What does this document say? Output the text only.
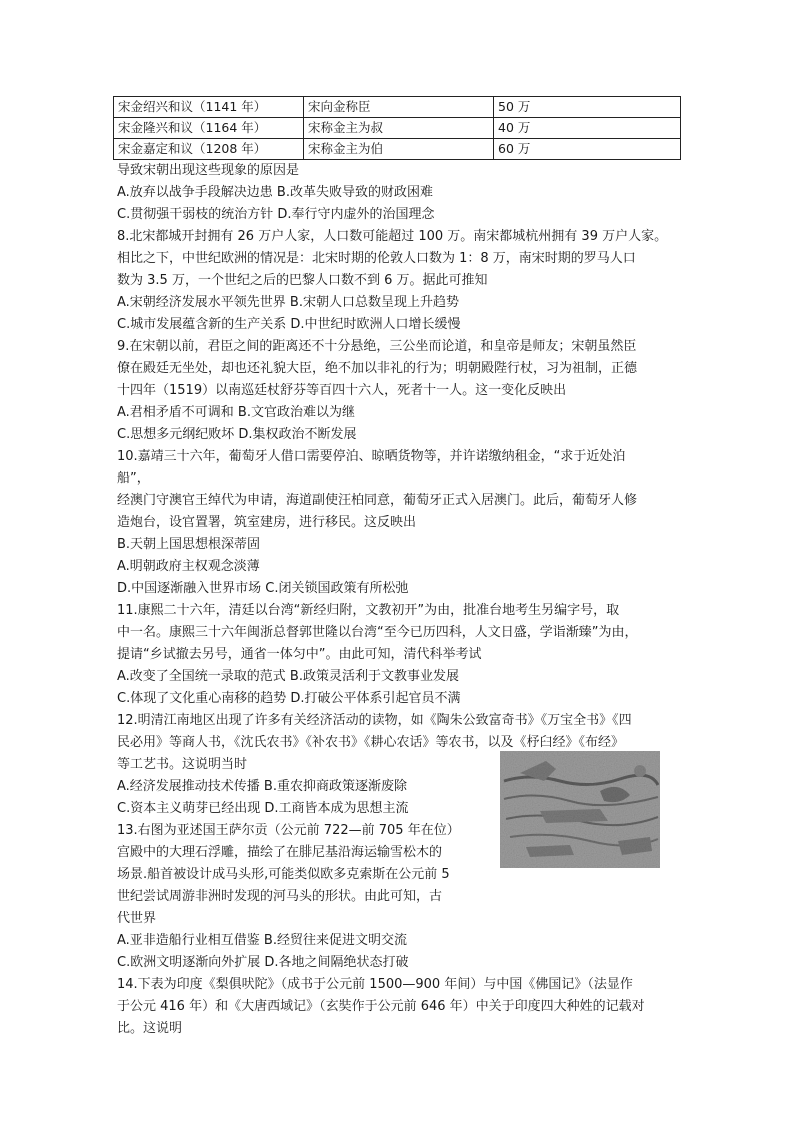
宋金绍兴和议（1141 年）	宋向金称臣	50 万
宋金隆兴和议（1164 年）	宋称金主为叔	40 万
宋金嘉定和议（1208 年）	宋称金主为伯	60 万
导致宋朝出现这些现象的原因是
A.放弃以战争手段解决边患 B.改革失败导致的财政困难
C.贯彻强干弱枝的统治方针 D.奉行守内虚外的治国理念
8.北宋都城开封拥有 26 万户人家，人口数可能超过 100 万。南宋都城杭州拥有 39 万户人家。
相比之下，中世纪欧洲的情况是：北宋时期的伦敦人口数为 1：8 万，南宋时期的罗马人口
数为 3.5 万，一个世纪之后的巴黎人口数不到 6 万。据此可推知
A.宋朝经济发展水平领先世界 B.宋朝人口总数呈现上升趋势
C.城市发展蕴含新的生产关系 D.中世纪时欧洲人口增长缓慢
9.在宋朝以前，君臣之间的距离还不十分悬绝，三公坐而论道，和皇帝是师友；宋朝虽然臣
僚在殿廷无坐处，却也还礼貌大臣，绝不加以非礼的行为；明朝殿陛行杖，习为祖制，正德
十四年（1519）以南巡廷杖舒芬等百四十六人，死者十一人。这一变化反映出
A.君相矛盾不可调和 B.文官政治难以为继
C.思想多元纲纪败坏 D.集权政治不断发展
10.嘉靖三十六年，葡萄牙人借口需要停泊、晾晒货物等，并许诺缴纳租金，“求于近处泊
船”，
经澳门守澳官王绰代为申请，海道副使汪柏同意，葡萄牙正式入居澳门。此后，葡萄牙人修
造炮台，设官置署，筑室建房，进行移民。这反映出
B.天朝上国思想根深蒂固
A.明朝政府主权观念淡薄
D.中国逐渐融入世界市场 C.闭关锁国政策有所松弛
11.康熙二十六年，清廷以台湾“新经归附，文教初开”为由，批准台地考生另编字号，取
中一名。康熙三十六年闽浙总督郭世隆以台湾“至今已历四科，人文日盛，学诣渐臻”为由，
提请“乡试撤去另号，通省一体匀中”。由此可知，清代科举考试
A.改变了全国统一录取的范式 B.政策灵活利于文教事业发展
C.体现了文化重心南移的趋势 D.打破公平体系引起官员不满
12.明清江南地区出现了许多有关经济活动的读物，如《陶朱公致富奇书》《万宝全书》《四
民必用》等商人书，《沈氏农书》《补农书》《耕心农话》等农书，以及《杼臼经》《布经》
等工艺书。这说明当时
A.经济发展推动技术传播 B.重农抑商政策逐渐废除
C.资本主义萌芽已经出现 D.工商皆本成为思想主流
13.右图为亚述国王萨尔贡（公元前 722—前 705 年在位）
宫殿中的大理石浮雕，描绘了在腓尼基沿海运输雪松木的
场景.船首被设计成马头形,可能类似欧多克索斯在公元前 5
世纪尝试周游非洲时发现的河马头的形状。由此可知，古
代世界
A.亚非造船行业相互借鉴 B.经贸往来促进文明交流
C.欧洲文明逐渐向外扩展 D.各地之间隔绝状态打破
14.下表为印度《梨俱吠陀》（成书于公元前 1500—900 年间）与中国《佛国记》（法显作
于公元 416 年）和《大唐西域记》（玄奘作于公元前 646 年）中关于印度四大种姓的记载对
比。这说明
